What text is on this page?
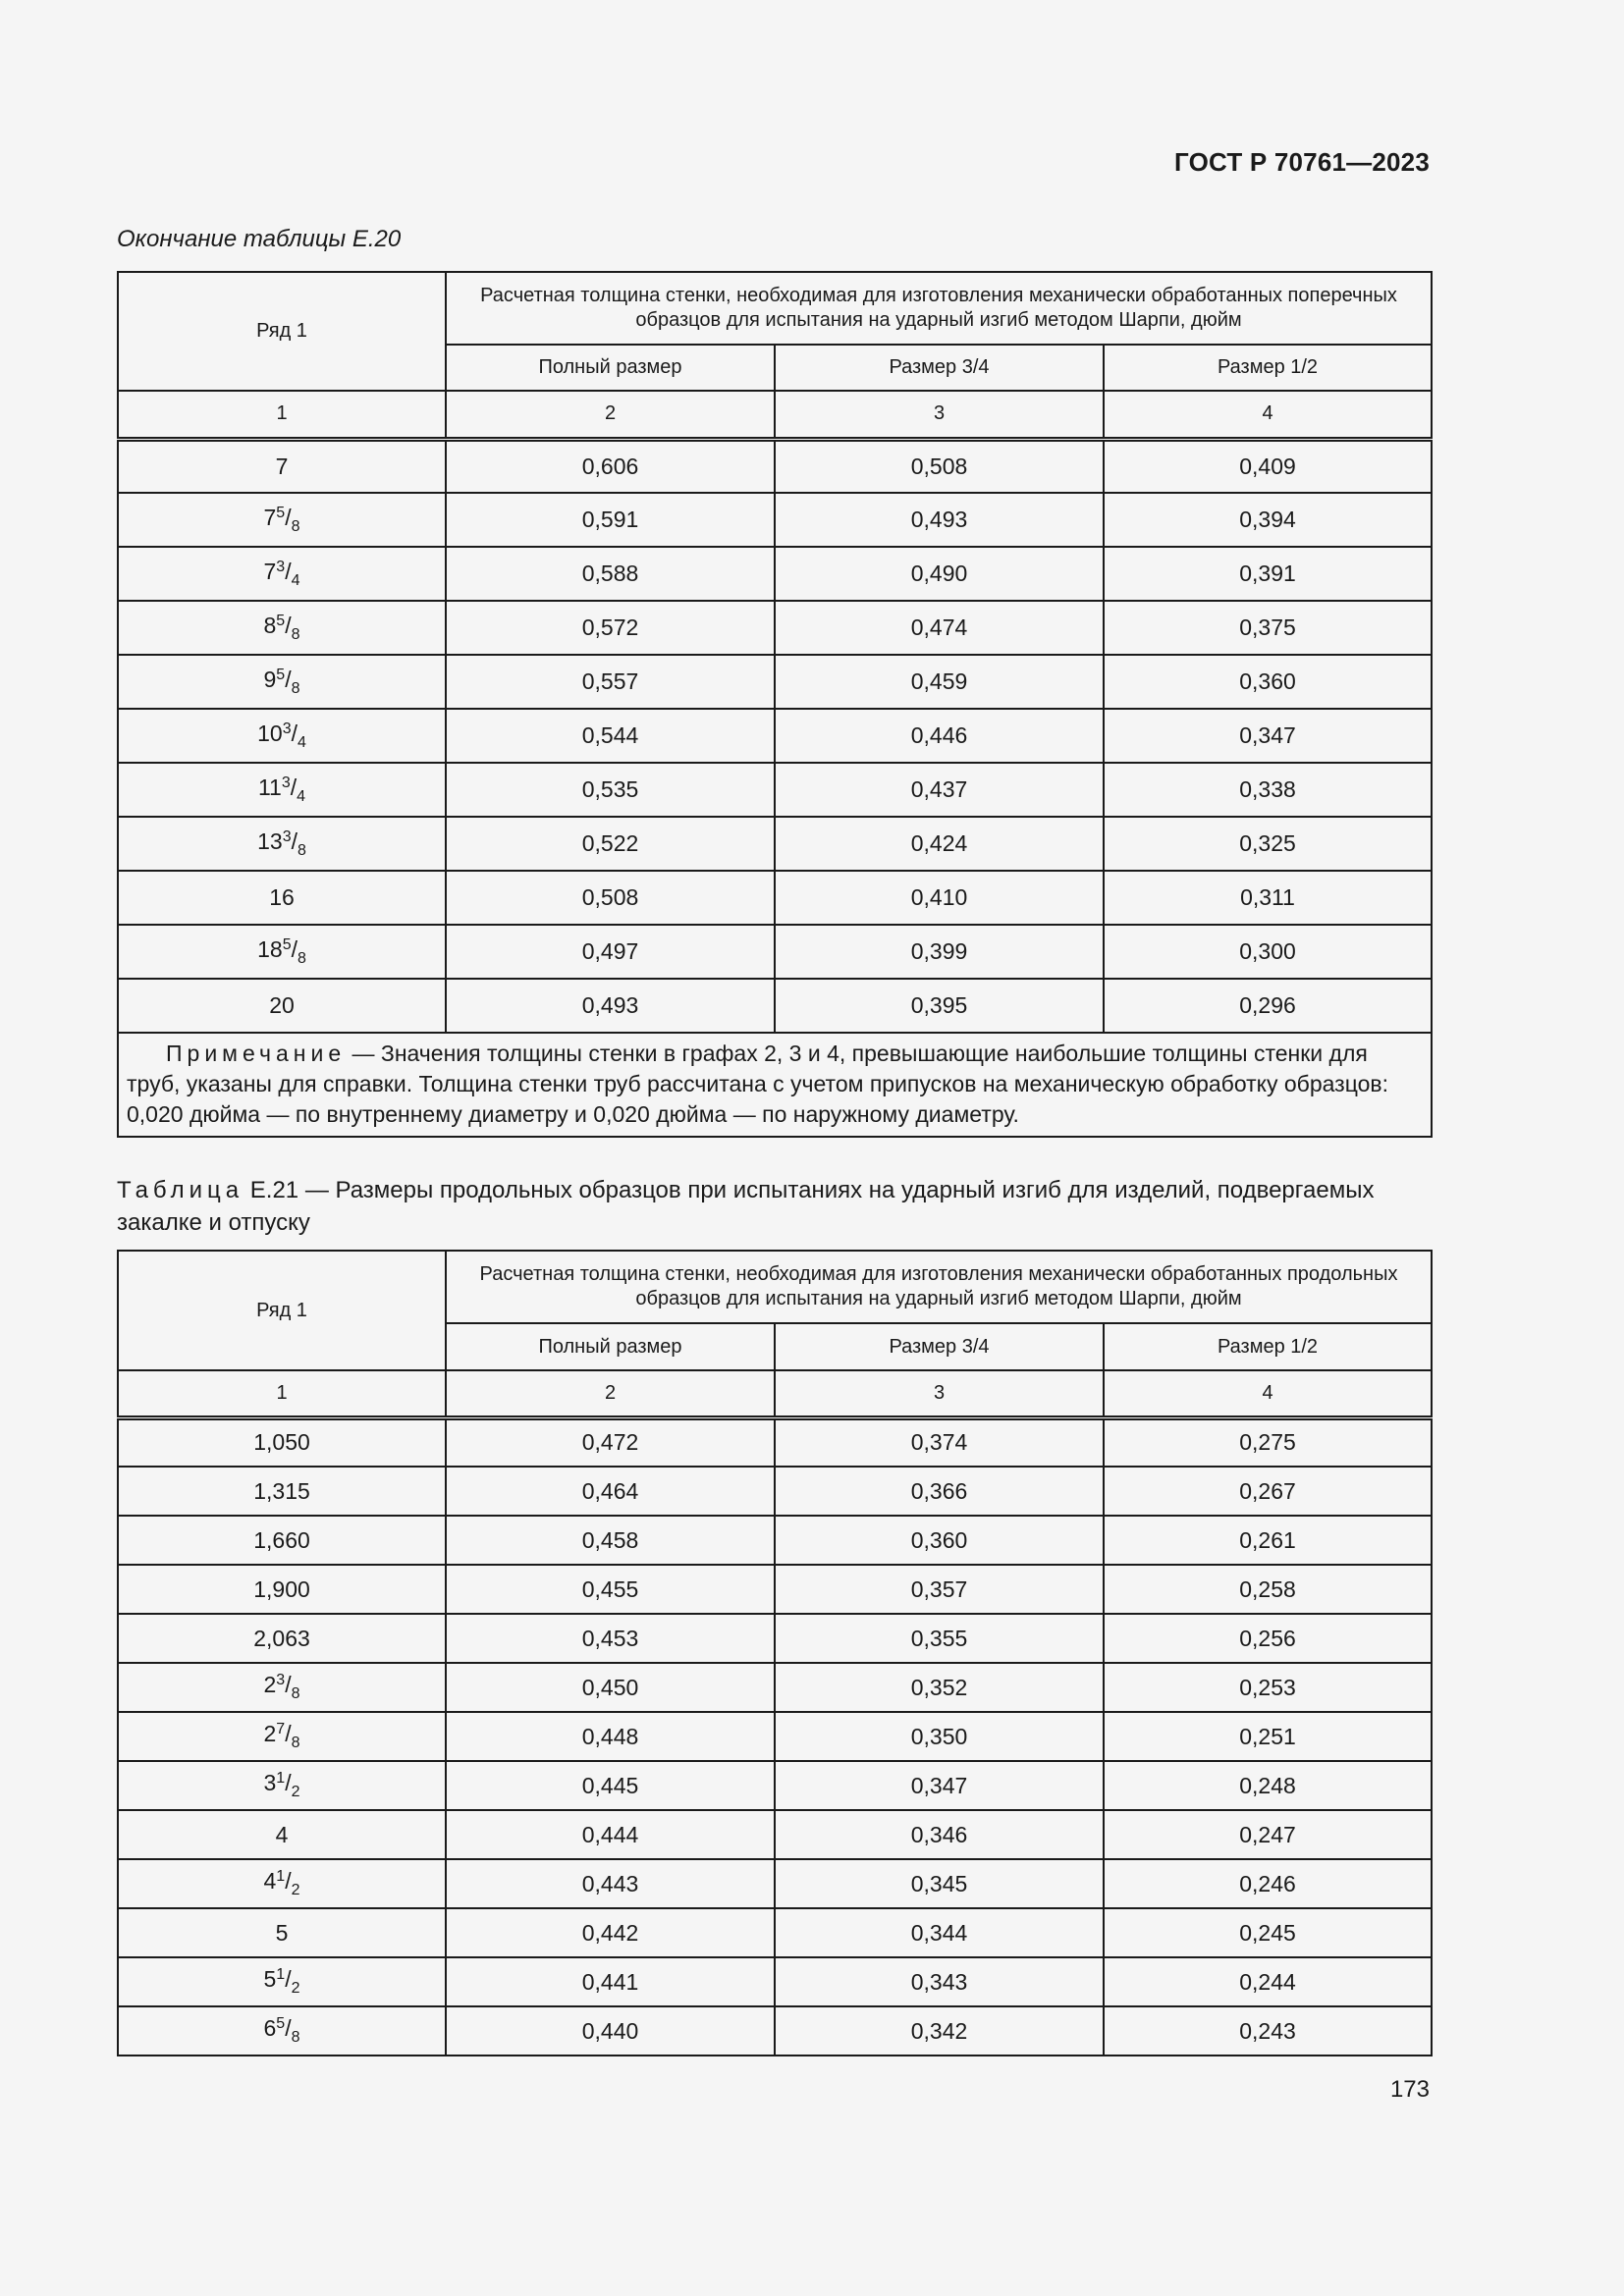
ГОСТ Р 70761—2023
Окончание таблицы Е.20
Ряд 1	Расчетная толщина стенки, необходимая для изготовления механически обработанных поперечных образцов для испытания на ударный изгиб методом Шарпи, дюйм		
	Полный размер	Размер 3/4	Размер 1/2
1	2	3	4
7	0,606	0,508	0,409
$7^5/_8$	0,591	0,493	0,394
$7^3/_4$	0,588	0,490	0,391
$8^5/_8$	0,572	0,474	0,375
$9^5/_8$	0,557	0,459	0,360
$10^3/_4$	0,544	0,446	0,347
$11^3/_4$	0,535	0,437	0,338
$13^3/_8$	0,522	0,424	0,325
16	0,508	0,410	0,311
$18^5/_8$	0,497	0,399	0,300
20	0,493	0,395	0,296
Примечание — Значения толщины стенки в графах 2, 3 и 4, превышающие наибольшие толщины стенки для труб, указаны для справки. Толщина стенки труб рассчитана с учетом припусков на механическую обработку образцов: 0,020 дюйма — по внутреннему диаметру и 0,020 дюйма — по наружному диаметру.			
Таблица Е.21 — Размеры продольных образцов при испытаниях на ударный изгиб для изделий, подвергаемых закалке и отпуску
Ряд 1	Расчетная толщина стенки, необходимая для изготовления механически обработанных продольных образцов для испытания на ударный изгиб методом Шарпи, дюйм		
	Полный размер	Размер 3/4	Размер 1/2
1	2	3	4
1,050	0,472	0,374	0,275
1,315	0,464	0,366	0,267
1,660	0,458	0,360	0,261
1,900	0,455	0,357	0,258
2,063	0,453	0,355	0,256
$2^3/_8$	0,450	0,352	0,253
$2^7/_8$	0,448	0,350	0,251
$3^1/_2$	0,445	0,347	0,248
4	0,444	0,346	0,247
$4^1/_2$	0,443	0,345	0,246
5	0,442	0,344	0,245
$5^1/_2$	0,441	0,343	0,244
$6^5/_8$	0,440	0,342	0,243
173
